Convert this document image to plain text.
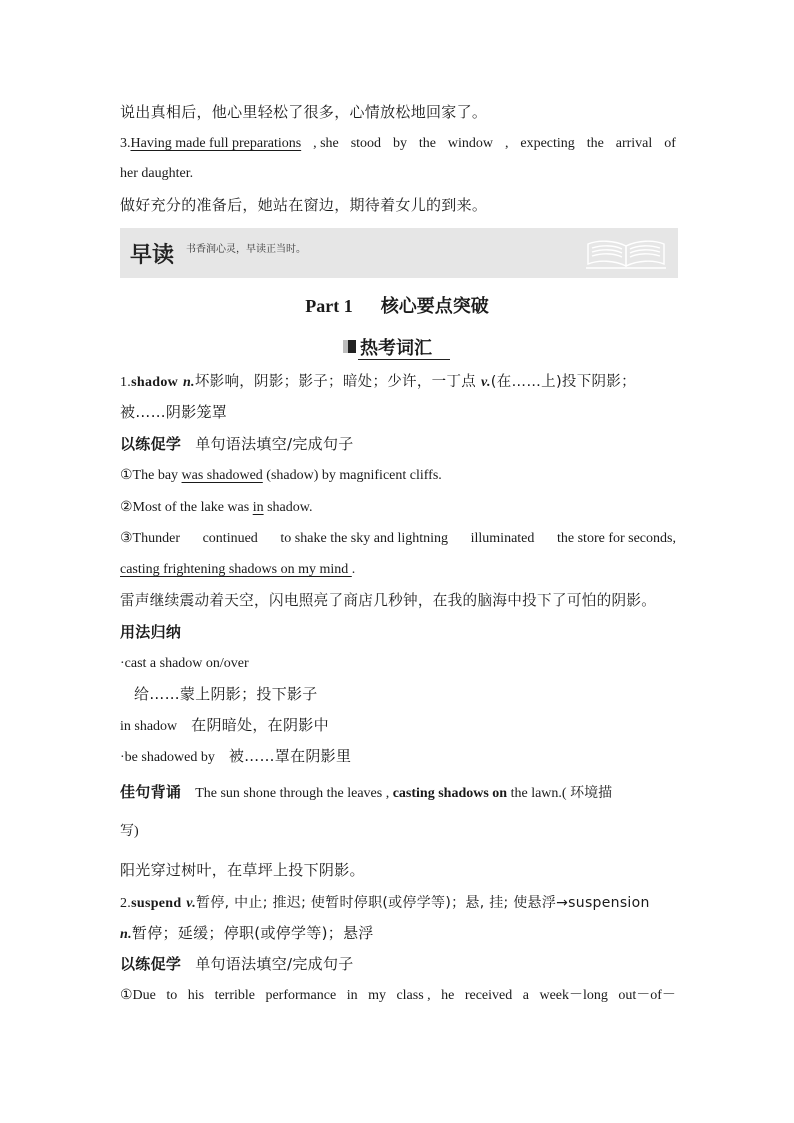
说出真相后，他心里轻松了很多，心情放松地回家了。
3.Having made full preparations , she stood by the window , expecting the arrival of
her daughter.
做好充分的准备后，她站在窗边，期待着女儿的到来。
早读 书香润心灵，早读正当时。
Part 1 核心要点突破
热考词汇
1.shadow n.坏影响，阴影；影子；暗处；少许，一丁点 v.(在……上)投下阴影；
被……阴影笼罩
以练促学 单句语法填空/完成句子
①The bay was shadowed (shadow) by magnificent cliffs.
②Most of the lake was in shadow.
③Thunder continued to shake the sky and lightning illuminated the store for seconds,
casting frightening shadows on my mind .
雷声继续震动着天空，闪电照亮了商店几秒钟，在我的脑海中投下了可怕的阴影。
用法归纳
·cast a shadow on/over
给……蒙上阴影；投下影子
in shadow 在阴暗处，在阴影中
·be shadowed by 被……罩在阴影里
佳句背诵 The sun shone through the leaves , casting shadows on the lawn.( 环境描
写)
阳光穿过树叶，在草坪上投下阴影。
2.suspend v.暂停, 中止; 推迟; 使暂时停职(或停学等)；悬, 挂; 使悬浮→suspension
n.暂停；延缓；停职(或停学等)；悬浮
以练促学 单句语法填空/完成句子
①Due to his terrible performance in my class , he received a week－long out－of－
